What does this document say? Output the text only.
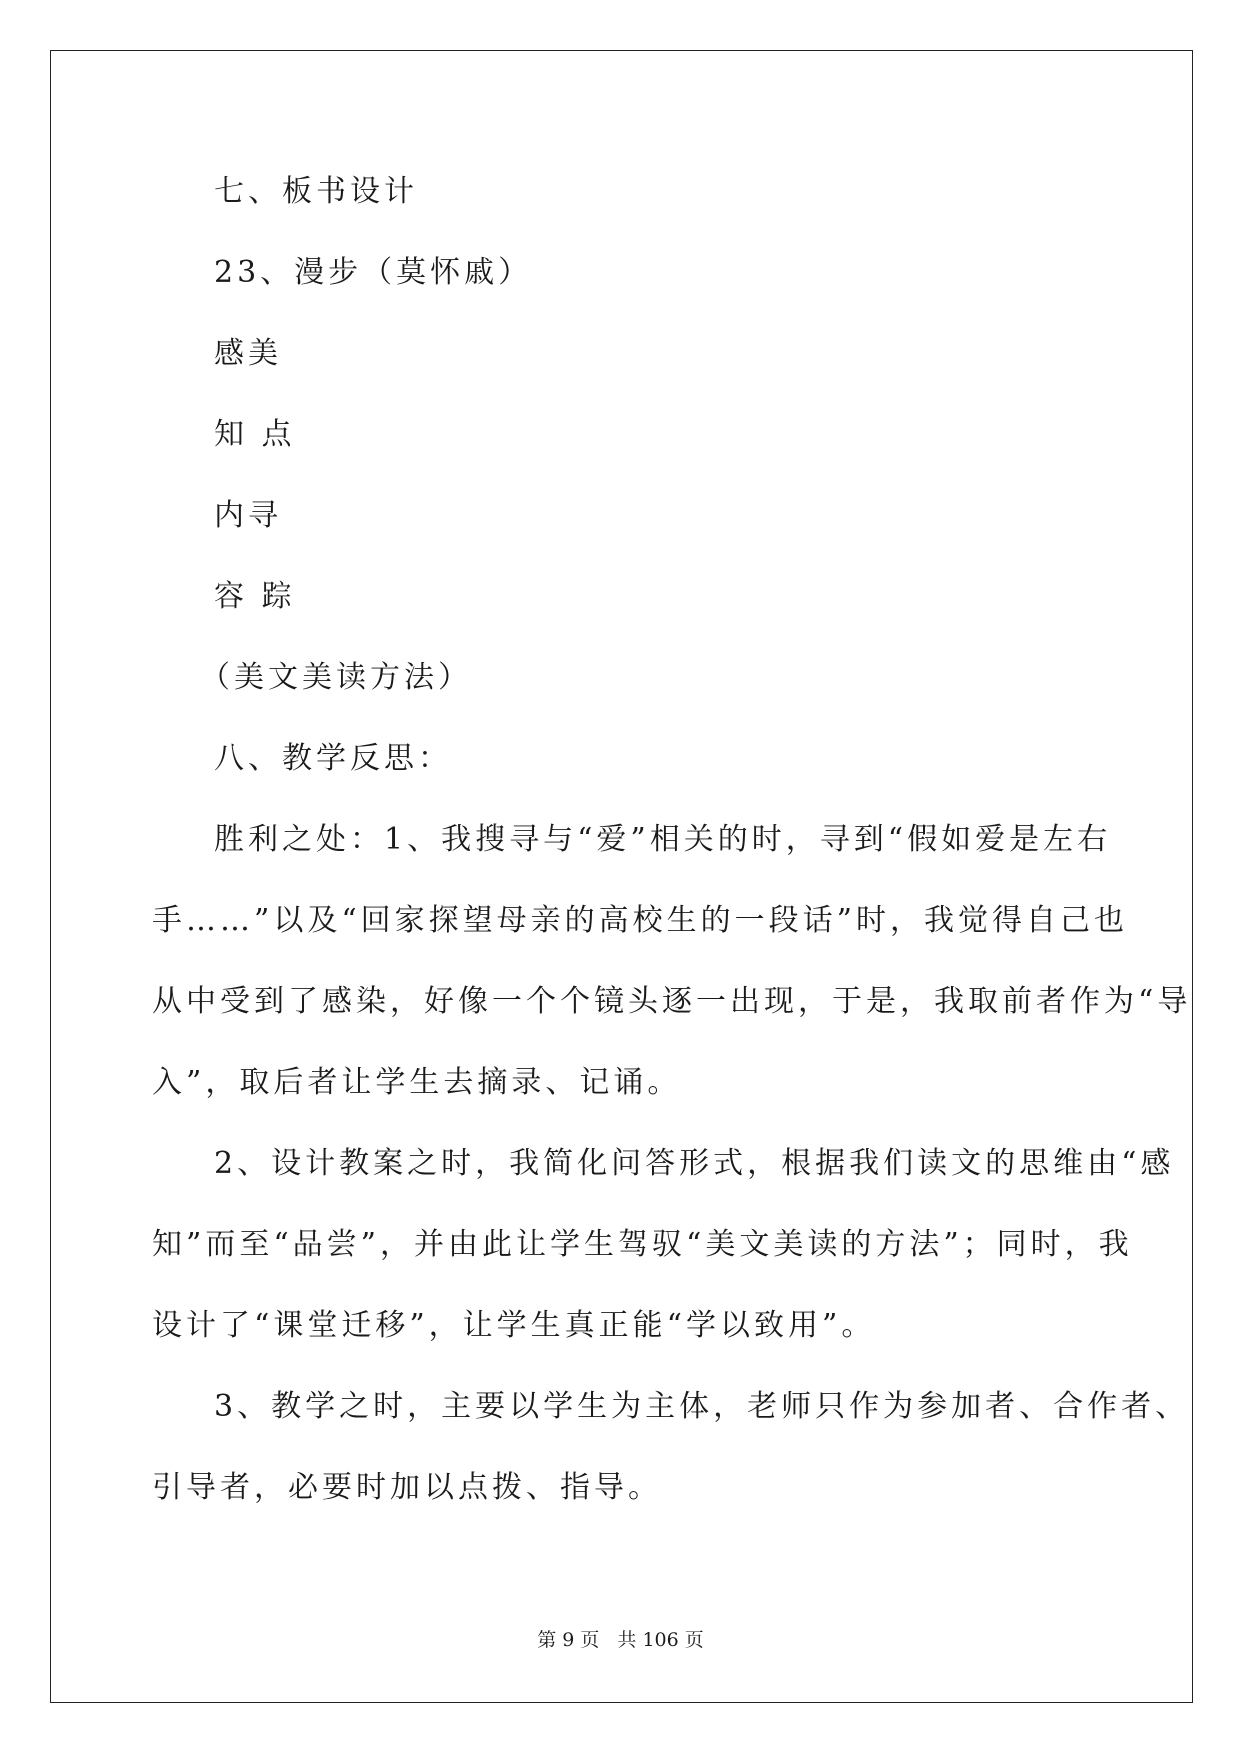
七、板书设计
23、漫步（莫怀戚）
感美
知 点
内寻
容 踪
（美文美读方法）
八、教学反思：
胜利之处：1、我搜寻与“爱”相关的时，寻到“假如爱是左右
手……”以及“回家探望母亲的高校生的一段话”时，我觉得自己也
从中受到了感染，好像一个个镜头逐一出现，于是，我取前者作为“导
入”，取后者让学生去摘录、记诵。
2、设计教案之时，我简化问答形式，根据我们读文的思维由“感
知”而至“品尝”，并由此让学生驾驭“美文美读的方法”；同时，我
设计了“课堂迁移”，让学生真正能“学以致用”。
3、教学之时，主要以学生为主体，老师只作为参加者、合作者、
引导者，必要时加以点拨、指导。
第 9 页 共 106 页
